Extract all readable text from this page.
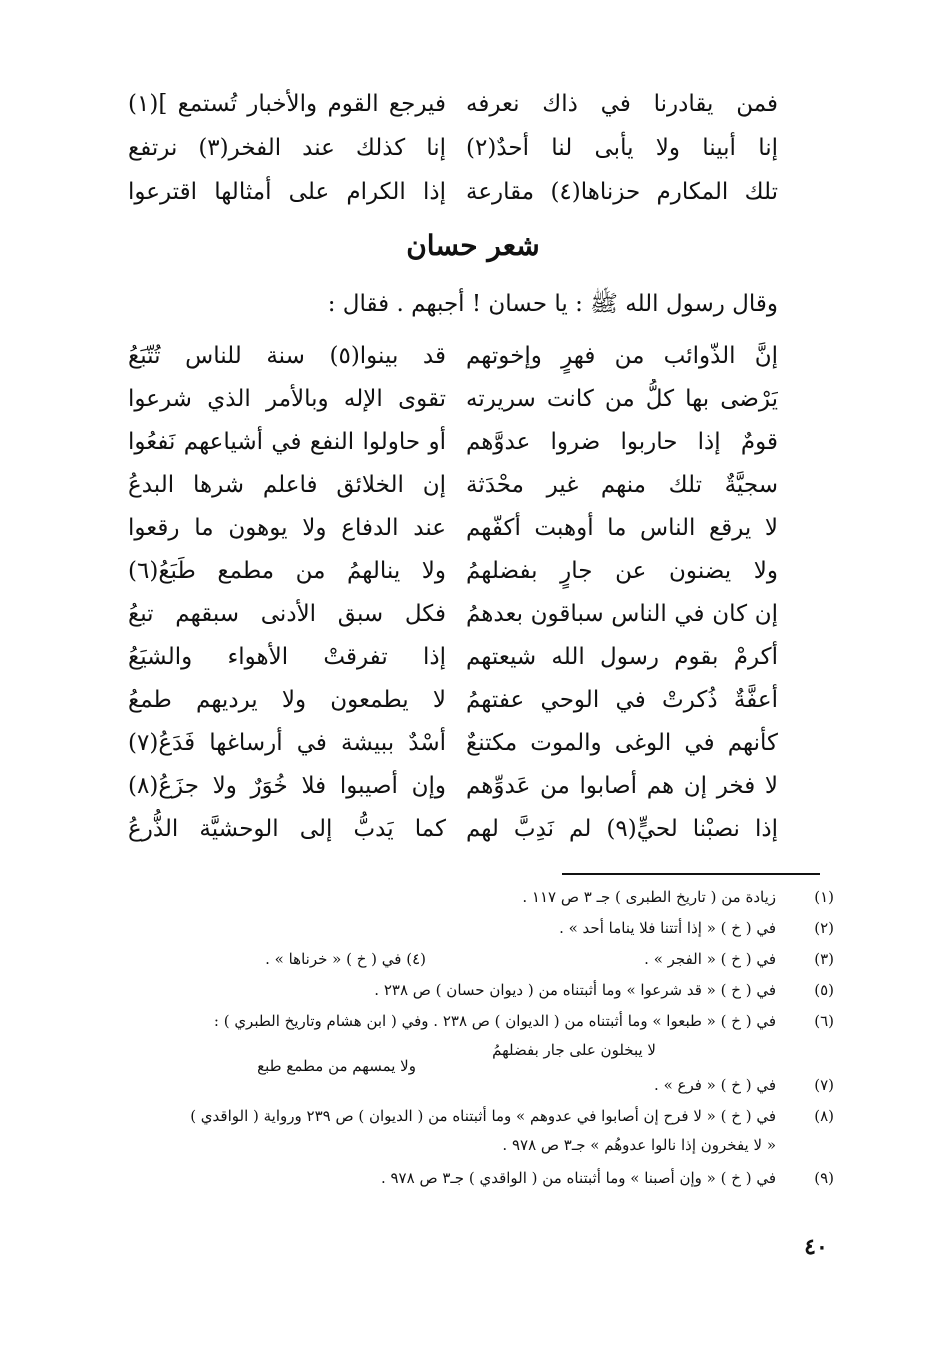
فمن يقادرنا في ذاك نعرفه
فيرجع القوم والأخبار تُستمع ](١)
إنا أبينا ولا يأبى لنا أحدٌ(٢)
إنا كذلك عند الفخر(٣) نرتفع
تلك المكارم حزناها(٤) مقارعة
إذا الكرام على أمثالها اقترعوا
شعر حسان
وقال رسول الله ﷺ : يا حسان ! أجبهم . فقال :
إنَّ الذّوائب من فهرٍ وإخوتهم
قد بينوا(٥) سنة للناس تُتّبَعُ
يَرْضى بها كلُّ من كانت سريرته
تقوى الإله وبالأمر الذي شرعوا
قومٌ إذا حاربوا ضروا عدوَّهم
أو حاولوا النفع في أشياعهم نَفعُوا
سجيَّةٌ تلك منهم غير محْدَثة
إن الخلائق فاعلم شرها البدعُ
لا يرقع الناس ما أوهبت أكفّهم
عند الدفاع ولا يوهون ما رقعوا
ولا يضنون عن جارٍ بفضلهمُ
ولا ينالهمُ من مطمع طَبَعُ(٦)
إن كان في الناس سباقون بعدهمُ
فكل سبق الأدنى سبقهم تبعُ
أكرمْ بقوم رسول الله شيعتهم
إذا تفرقتْ الأهواء والشيَعُ
أعفَّةٌ ذُكرتْ في الوحي عفتهمُ
لا يطمعون ولا يرديهم طمعُ
كأنهم في الوغى والموت مكتنعٌ
أسْدٌ ببيشة في أرساغها فَدَعُ(٧)
لا فخر إن هم أصابوا من عَدوِّهم
وإن أصيبوا فلا خُوَرٌ ولا جزَعُ(٨)
إذا نصبْنا لحيٍّ(٩) لم نَدِبَّ لهم
كما يَدبُّ إلى الوحشيَّة الذُّرعُ
(١)
زيادة من ( تاريخ الطبرى ) جـ ٣ ص ١١٧ .
(٢)
في ( خ ) « إذا أتتنا فلا يناما أحد » .
(٣)
في ( خ ) « الفجر » .
(٤) في ( خ ) « خرناها » .
(٥)
في ( خ ) « قد شرعوا » وما أثبتناه من ( ديوان حسان ) ص ٢٣٨ .
(٦)
في ( خ ) « طبعوا » وما أثبتناه من ( الديوان ) ص ٢٣٨ . وفي ( ابن هشام وتاريخ الطبري ) :
لا يبخلون على جار بفضلهمُ
ولا يمسهم من مطمع طبع
(٧)
في ( خ ) « فرع » .
(٨)
في ( خ ) « لا فرح إن أصابوا في عدوهم » وما أثبتناه من ( الديوان ) ص ٢٣٩ ورواية ( الواقدي )
« لا يفخرون إذا نالوا عدوهُم » جـ٣ ص ٩٧٨ .
(٩)
في ( خ ) « وإن أصبنا » وما أثبتناه من ( الواقدي ) جـ٣ ص ٩٧٨ .
٤٠
